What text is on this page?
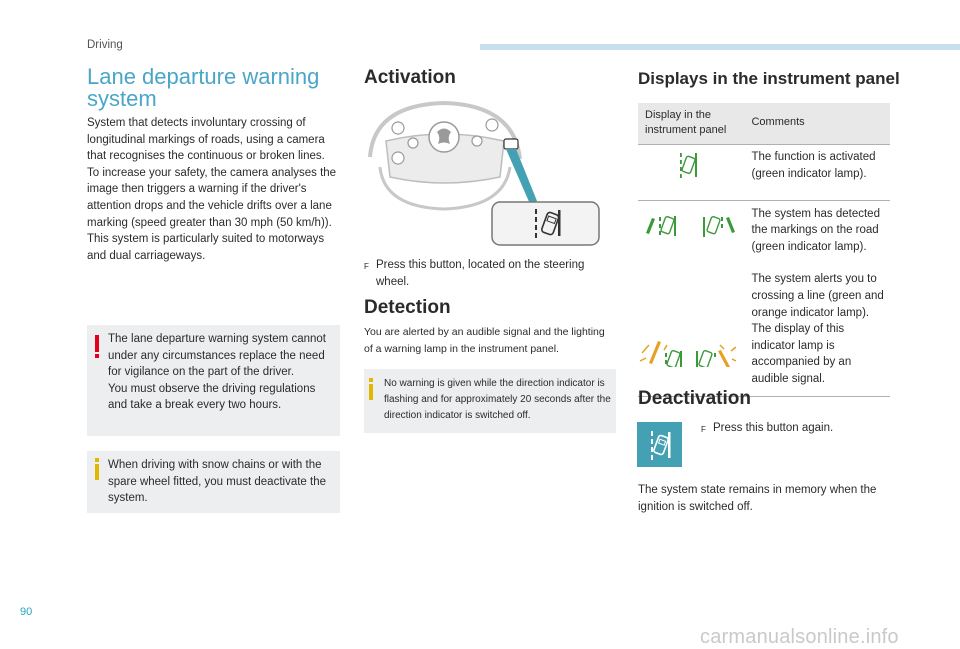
Driving
Lane departure warning system
System that detects involuntary crossing of longitudinal markings of roads, using a camera that recognises the continuous or broken lines.
To increase your safety, the camera analyses the image then triggers a warning if the driver's attention drops and the vehicle drifts over a lane marking (speed greater than 30 mph (50 km/h)).
This system is particularly suited to motorways and dual carriageways.
The lane departure warning system cannot under any circumstances replace the need for vigilance on the part of the driver.
You must observe the driving regulations and take a break every two hours.
When driving with snow chains or with the spare wheel fitted, you must deactivate the system.
Activation
F Press this button, located on the steering wheel.
Detection
You are alerted by an audible signal and the lighting of a warning lamp in the instrument panel.
No warning is given while the direction indicator is flashing and for approximately 20 seconds after the direction indicator is switched off.
Displays in the instrument panel
Display in the instrument panel	Comments
	The function is activated (green indicator lamp).

The system has detected the markings on the road (green indicator lamp).
The system alerts you to crossing a line (green and orange indicator lamp). The display of this indicator lamp is accompanied by an audible signal.
Deactivation
F Press this button again.
The system state remains in memory when the ignition is switched off.
90
carmanualsonline.info
